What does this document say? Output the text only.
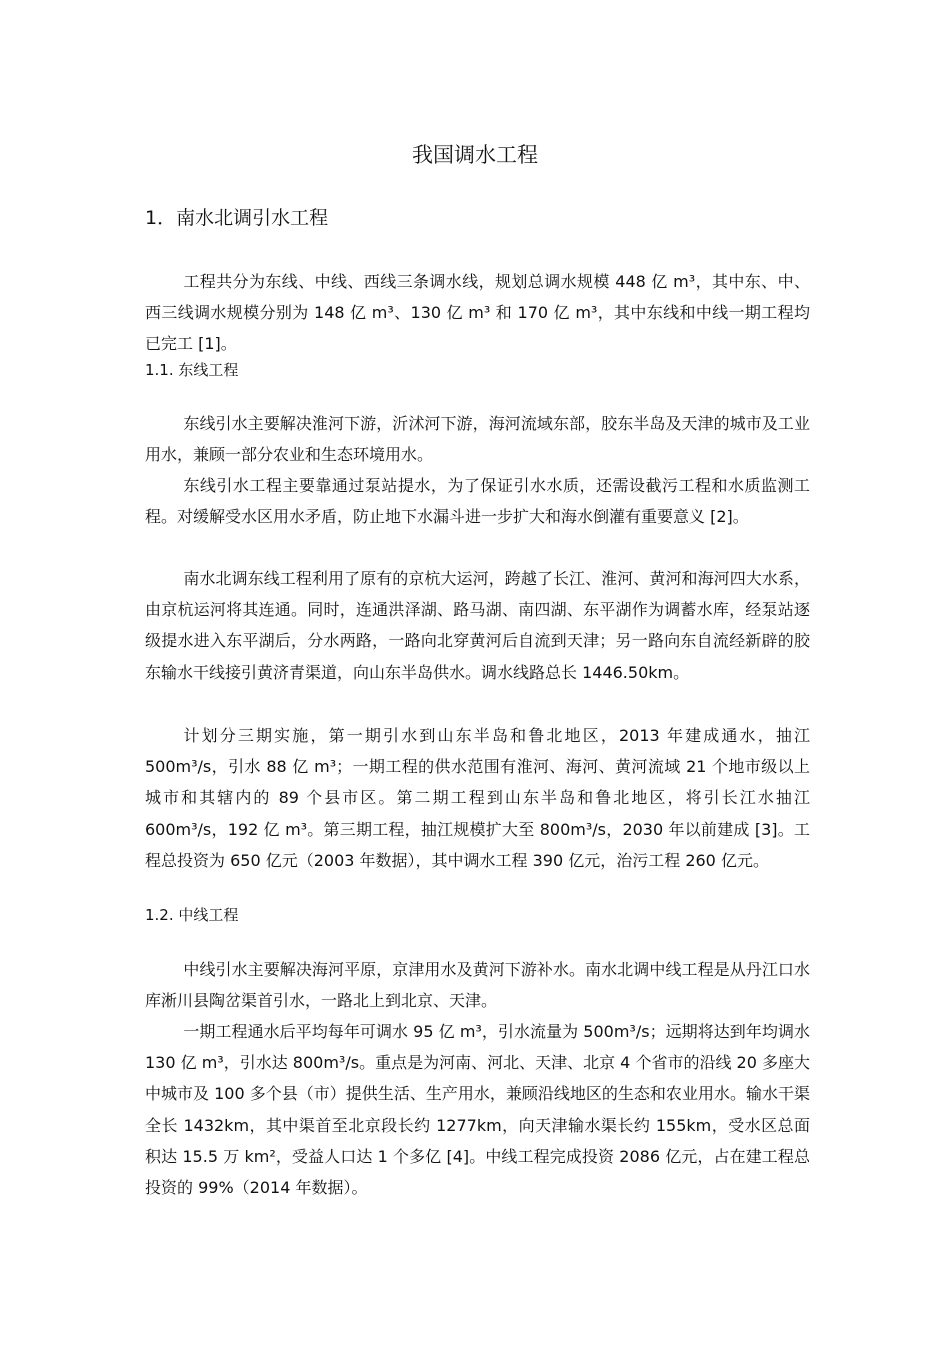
我国调水工程
1．南水北调引水工程

工程共分为东线、中线、西线三条调水线，规划总调水规模 448 亿 m³，其中东、中、西三线调水规模分别为 148 亿 m³、130 亿 m³ 和 170 亿 m³，其中东线和中线一期工程均已完工 [1]。

1.1. 东线工程

东线引水主要解决淮河下游，沂沭河下游，海河流域东部，胶东半岛及天津的城市及工业用水，兼顾一部分农业和生态环境用水。

东线引水工程主要靠通过泵站提水，为了保证引水水质，还需设截污工程和水质监测工程。对缓解受水区用水矛盾，防止地下水漏斗进一步扩大和海水倒灌有重要意义 [2]。

南水北调东线工程利用了原有的京杭大运河，跨越了长江、淮河、黄河和海河四大水系，由京杭运河将其连通。同时，连通洪泽湖、路马湖、南四湖、东平湖作为调蓄水库，经泵站逐级提水进入东平湖后，分水两路，一路向北穿黄河后自流到天津；另一路向东自流经新辟的胶东输水干线接引黄济青渠道，向山东半岛供水。调水线路总长 1446.50km。

计划分三期实施，第一期引水到山东半岛和鲁北地区，2013 年建成通水，抽江 500m³/s，引水 88 亿 m³；一期工程的供水范围有淮河、海河、黄河流域 21 个地市级以上城市和其辖内的 89 个县市区。第二期工程到山东半岛和鲁北地区，将引长江水抽江 600m³/s，192 亿 m³。第三期工程，抽江规模扩大至 800m³/s，2030 年以前建成 [3]。工程总投资为 650 亿元（2003 年数据），其中调水工程 390 亿元，治污工程 260 亿元。

1.2. 中线工程

中线引水主要解决海河平原，京津用水及黄河下游补水。南水北调中线工程是从丹江口水库淅川县陶岔渠首引水，一路北上到北京、天津。

一期工程通水后平均每年可调水 95 亿 m³，引水流量为 500m³/s；远期将达到年均调水 130 亿 m³，引水达 800m³/s。重点是为河南、河北、天津、北京 4 个省市的沿线 20 多座大中城市及 100 多个县（市）提供生活、生产用水，兼顾沿线地区的生态和农业用水。输水干渠全长 1432km，其中渠首至北京段长约 1277km，向天津输水渠长约 155km，受水区总面积达 15.5 万 km²，受益人口达 1 个多亿 [4]。中线工程完成投资 2086 亿元，占在建工程总投资的 99%（2014 年数据）。
